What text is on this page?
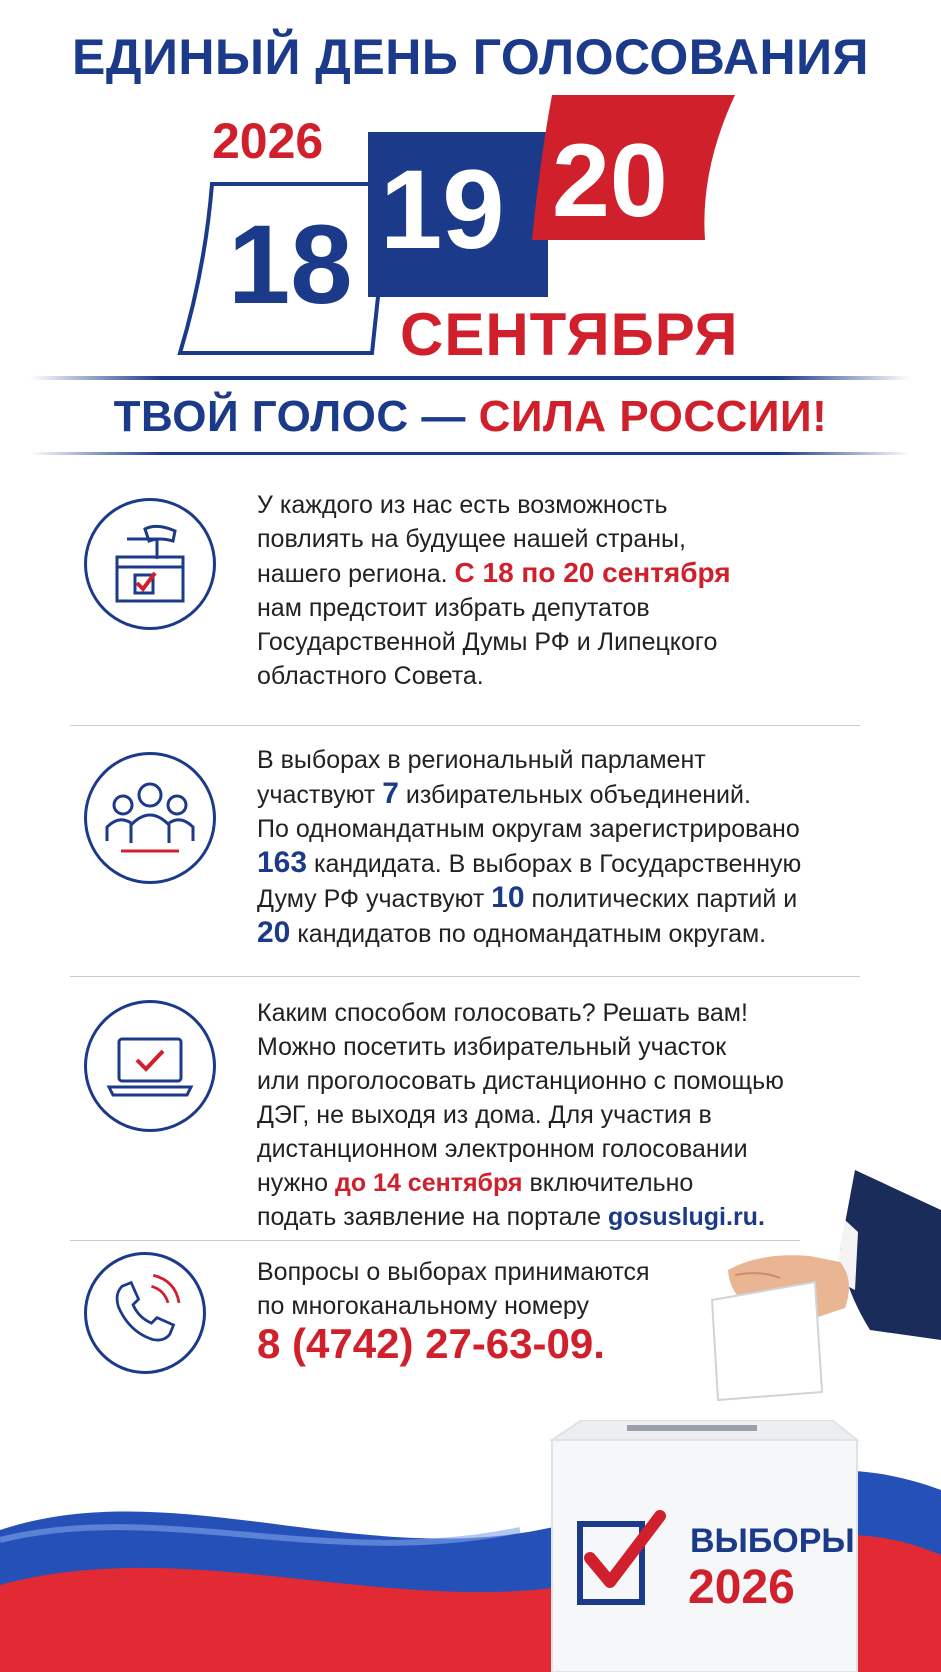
ЕДИНЫЙ ДЕНЬ ГОЛОСОВАНИЯ
2026
18 19 20
СЕНТЯБРЯ
ТВОЙ ГОЛОС — СИЛА РОССИИ!
У каждого из нас есть возможность
повлиять на будущее нашей страны,
нашего региона. С 18 по 20 сентября
нам предстоит избрать депутатов
Государственной Думы РФ и Липецкого
областного Совета.
В выборах в региональный парламент
участвуют 7 избирательных объединений.
По одномандатным округам зарегистрировано
163 кандидата. В выборах в Государственную
Думу РФ участвуют 10 политических партий и
20 кандидатов по одномандатным округам.
Каким способом голосовать? Решать вам!
Можно посетить избирательный участок
или проголосовать дистанционно с помощью
ДЭГ, не выходя из дома. Для участия в
дистанционном электронном голосовании
нужно до 14 сентября включительно
подать заявление на портале gosuslugi.ru.
Вопросы о выборах принимаются
по многоканальному номеру
8 (4742) 27-63-09.
ВЫБОРЫ
2026
